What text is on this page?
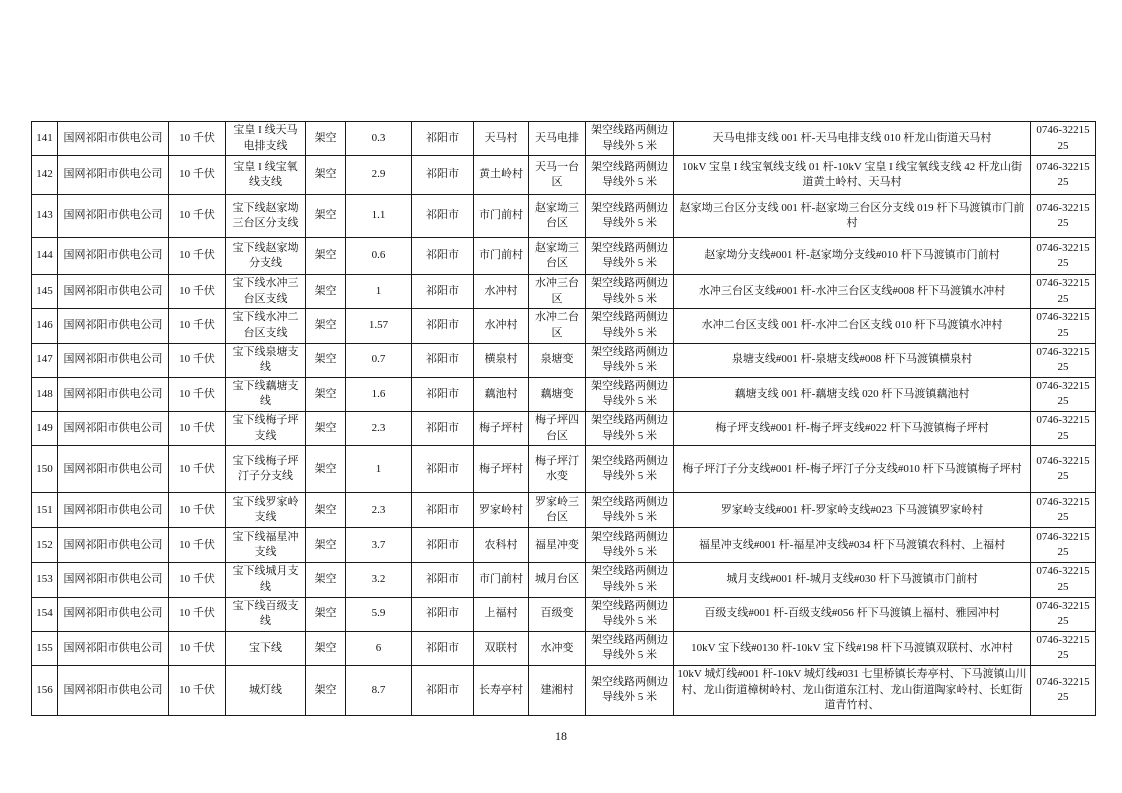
141	国网祁阳市供电公司	10 千伏	宝皇 I 线天马电排支线	架空	0.3	祁阳市	天马村	天马电排	架空线路两侧边导线外 5 米	天马电排支线 001 杆-天马电排支线 010 杆龙山街道天马村	0746-3221525
142	国网祁阳市供电公司	10 千伏	宝皇 I 线宝氧线支线	架空	2.9	祁阳市	黄土岭村	天马一台区	架空线路两侧边导线外 5 米	10kV 宝皇 I 线宝氧线支线 01 杆-10kV 宝皇 I 线宝氧线支线 42 杆龙山街道黄土岭村、天马村	0746-3221525
143	国网祁阳市供电公司	10 千伏	宝下线赵家坳三台区分支线	架空	1.1	祁阳市	市门前村	赵家坳三台区	架空线路两侧边导线外 5 米	赵家坳三台区分支线 001 杆-赵家坳三台区分支线 019 杆下马渡镇市门前村	0746-3221525
144	国网祁阳市供电公司	10 千伏	宝下线赵家坳分支线	架空	0.6	祁阳市	市门前村	赵家坳三台区	架空线路两侧边导线外 5 米	赵家坳分支线#001 杆-赵家坳分支线#010 杆下马渡镇市门前村	0746-3221525
145	国网祁阳市供电公司	10 千伏	宝下线水冲三台区支线	架空	1	祁阳市	水冲村	水冲三台区	架空线路两侧边导线外 5 米	水冲三台区支线#001 杆-水冲三台区支线#008 杆下马渡镇水冲村	0746-3221525
146	国网祁阳市供电公司	10 千伏	宝下线水冲二台区支线	架空	1.57	祁阳市	水冲村	水冲二台区	架空线路两侧边导线外 5 米	水冲二台区支线 001 杆-水冲二台区支线 010 杆下马渡镇水冲村	0746-3221525
147	国网祁阳市供电公司	10 千伏	宝下线泉塘支线	架空	0.7	祁阳市	横泉村	泉塘变	架空线路两侧边导线外 5 米	泉塘支线#001 杆-泉塘支线#008 杆下马渡镇横泉村	0746-3221525
148	国网祁阳市供电公司	10 千伏	宝下线藕塘支线	架空	1.6	祁阳市	藕池村	藕塘变	架空线路两侧边导线外 5 米	藕塘支线 001 杆-藕塘支线 020 杆下马渡镇藕池村	0746-3221525
149	国网祁阳市供电公司	10 千伏	宝下线梅子坪支线	架空	2.3	祁阳市	梅子坪村	梅子坪四台区	架空线路两侧边导线外 5 米	梅子坪支线#001 杆-梅子坪支线#022 杆下马渡镇梅子坪村	0746-3221525
150	国网祁阳市供电公司	10 千伏	宝下线梅子坪汀子分支线	架空	1	祁阳市	梅子坪村	梅子坪汀水变	架空线路两侧边导线外 5 米	梅子坪汀子分支线#001 杆-梅子坪汀子分支线#010 杆下马渡镇梅子坪村	0746-3221525
151	国网祁阳市供电公司	10 千伏	宝下线罗家岭支线	架空	2.3	祁阳市	罗家岭村	罗家岭三台区	架空线路两侧边导线外 5 米	罗家岭支线#001 杆-罗家岭支线#023 下马渡镇罗家岭村	0746-3221525
152	国网祁阳市供电公司	10 千伏	宝下线福星冲支线	架空	3.7	祁阳市	农科村	福星冲变	架空线路两侧边导线外 5 米	福星冲支线#001 杆-福星冲支线#034 杆下马渡镇农科村、上福村	0746-3221525
153	国网祁阳市供电公司	10 千伏	宝下线城月支线	架空	3.2	祁阳市	市门前村	城月台区	架空线路两侧边导线外 5 米	城月支线#001 杆-城月支线#030 杆下马渡镇市门前村	0746-3221525
154	国网祁阳市供电公司	10 千伏	宝下线百级支线	架空	5.9	祁阳市	上福村	百级变	架空线路两侧边导线外 5 米	百级支线#001 杆-百级支线#056 杆下马渡镇上福村、雅园冲村	0746-3221525
155	国网祁阳市供电公司	10 千伏	宝下线	架空	6	祁阳市	双联村	水冲变	架空线路两侧边导线外 5 米	10kV 宝下线#0130 杆-10kV 宝下线#198 杆下马渡镇双联村、水冲村	0746-3221525
156	国网祁阳市供电公司	10 千伏	城灯线	架空	8.7	祁阳市	长寿亭村	建湘村	架空线路两侧边导线外 5 米	10kV 城灯线#001 杆-10kV 城灯线#031 七里桥镇长寿亭村、下马渡镇山川村、龙山街道樟树岭村、龙山街道东江村、龙山街道陶家岭村、长虹街道青竹村、	0746-3221525
18
